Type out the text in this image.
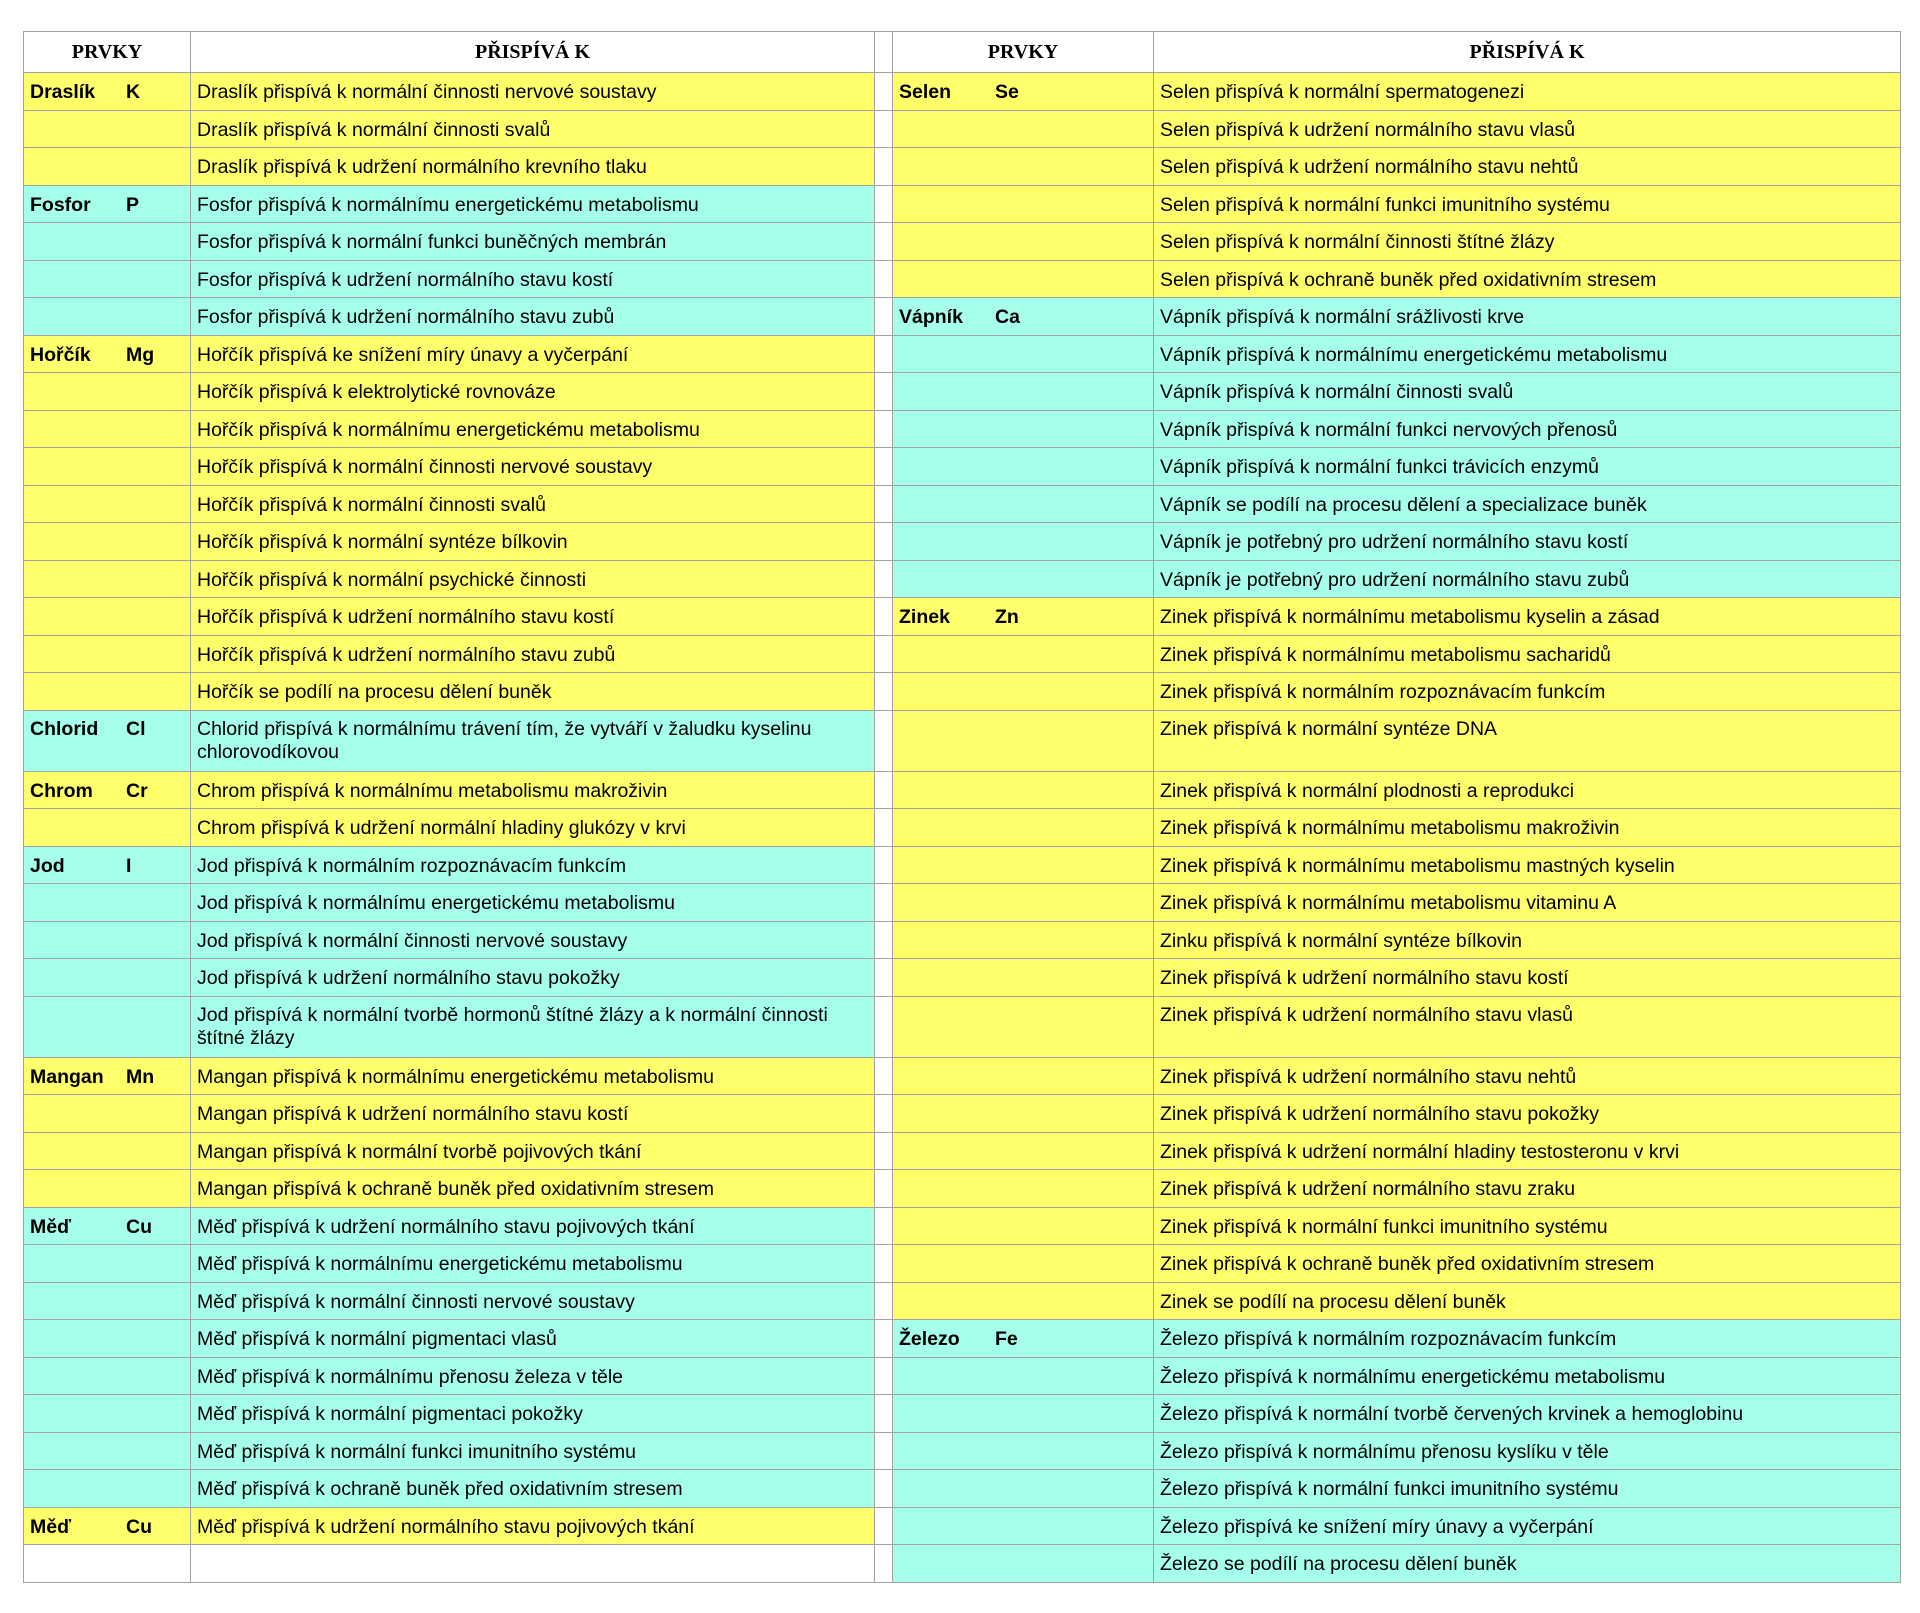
PRVKY	PŘISPÍVÁ K		PRVKY	PŘISPÍVÁ K
Draslík K	Draslík přispívá k normální činnosti nervové soustavy		Selen Se	Selen přispívá k normální spermatogenezi
	Draslík přispívá k normální činnosti svalů			Selen přispívá k udržení normálního stavu vlasů
	Draslík přispívá k udržení normálního krevního tlaku			Selen přispívá k udržení normálního stavu nehtů
Fosfor P	Fosfor přispívá k normálnímu energetickému metabolismu			Selen přispívá k normální funkci imunitního systému
	Fosfor přispívá k normální funkci buněčných membrán			Selen přispívá k normální činnosti štítné žlázy
	Fosfor přispívá k udržení normálního stavu kostí			Selen přispívá k ochraně buněk před oxidativním stresem
	Fosfor přispívá k udržení normálního stavu zubů		Vápník Ca	Vápník přispívá k normální srážlivosti krve
Hořčík Mg	Hořčík přispívá ke snížení míry únavy a vyčerpání			Vápník přispívá k normálnímu energetickému metabolismu
	Hořčík přispívá k elektrolytické rovnováze			Vápník přispívá k normální činnosti svalů
	Hořčík přispívá k normálnímu energetickému metabolismu			Vápník přispívá k normální funkci nervových přenosů
	Hořčík přispívá k normální činnosti nervové soustavy			Vápník přispívá k normální funkci trávicích enzymů
	Hořčík přispívá k normální činnosti svalů			Vápník se podílí na procesu dělení a specializace buněk
	Hořčík přispívá k normální syntéze bílkovin			Vápník je potřebný pro udržení normálního stavu kostí
	Hořčík přispívá k normální psychické činnosti			Vápník je potřebný pro udržení normálního stavu zubů
	Hořčík přispívá k udržení normálního stavu kostí		Zinek Zn	Zinek přispívá k normálnímu metabolismu kyselin a zásad
	Hořčík přispívá k udržení normálního stavu zubů			Zinek přispívá k normálnímu metabolismu sacharidů
	Hořčík se podílí na procesu dělení buněk			Zinek přispívá k normálním rozpoznávacím funkcím
Chlorid Cl	Chlorid přispívá k normálnímu trávení tím, že vytváří v žaludku kyselinu chlorovodíkovou			Zinek přispívá k normální syntéze DNA
Chrom Cr	Chrom přispívá k normálnímu metabolismu makroživin			Zinek přispívá k normální plodnosti a reprodukci
	Chrom přispívá k udržení normální hladiny glukózy v krvi			Zinek přispívá k normálnímu metabolismu makroživin
Jod I	Jod přispívá k normálním rozpoznávacím funkcím			Zinek přispívá k normálnímu metabolismu mastných kyselin
	Jod přispívá k normálnímu energetickému metabolismu			Zinek přispívá k normálnímu metabolismu vitaminu A
	Jod přispívá k normální činnosti nervové soustavy			Zinku přispívá k normální syntéze bílkovin
	Jod přispívá k udržení normálního stavu pokožky			Zinek přispívá k udržení normálního stavu kostí
	Jod přispívá k normální tvorbě hormonů štítné žlázy a k normální činnosti štítné žlázy			Zinek přispívá k udržení normálního stavu vlasů
Mangan Mn	Mangan přispívá k normálnímu energetickému metabolismu			Zinek přispívá k udržení normálního stavu nehtů
	Mangan přispívá k udržení normálního stavu kostí			Zinek přispívá k udržení normálního stavu pokožky
	Mangan přispívá k normální tvorbě pojivových tkání			Zinek přispívá k udržení normální hladiny testosteronu v krvi
	Mangan přispívá k ochraně buněk před oxidativním stresem			Zinek přispívá k udržení normálního stavu zraku
Měď Cu	Měď přispívá k udržení normálního stavu pojivových tkání			Zinek přispívá k normální funkci imunitního systému
	Měď přispívá k normálnímu energetickému metabolismu			Zinek přispívá k ochraně buněk před oxidativním stresem
	Měď přispívá k normální činnosti nervové soustavy			Zinek se podílí na procesu dělení buněk
	Měď přispívá k normální pigmentaci vlasů		Železo Fe	Železo přispívá k normálním rozpoznávacím funkcím
	Měď přispívá k normálnímu přenosu železa v těle			Železo přispívá k normálnímu energetickému metabolismu
	Měď přispívá k normální pigmentaci pokožky			Železo přispívá k normální tvorbě červených krvinek a hemoglobinu
	Měď přispívá k normální funkci imunitního systému			Železo přispívá k normálnímu přenosu kyslíku v těle
	Měď přispívá k ochraně buněk před oxidativním stresem			Železo přispívá k normální funkci imunitního systému
Měď Cu	Měď přispívá k udržení normálního stavu pojivových tkání			Železo přispívá ke snížení míry únavy a vyčerpání
				Železo se podílí na procesu dělení buněk
